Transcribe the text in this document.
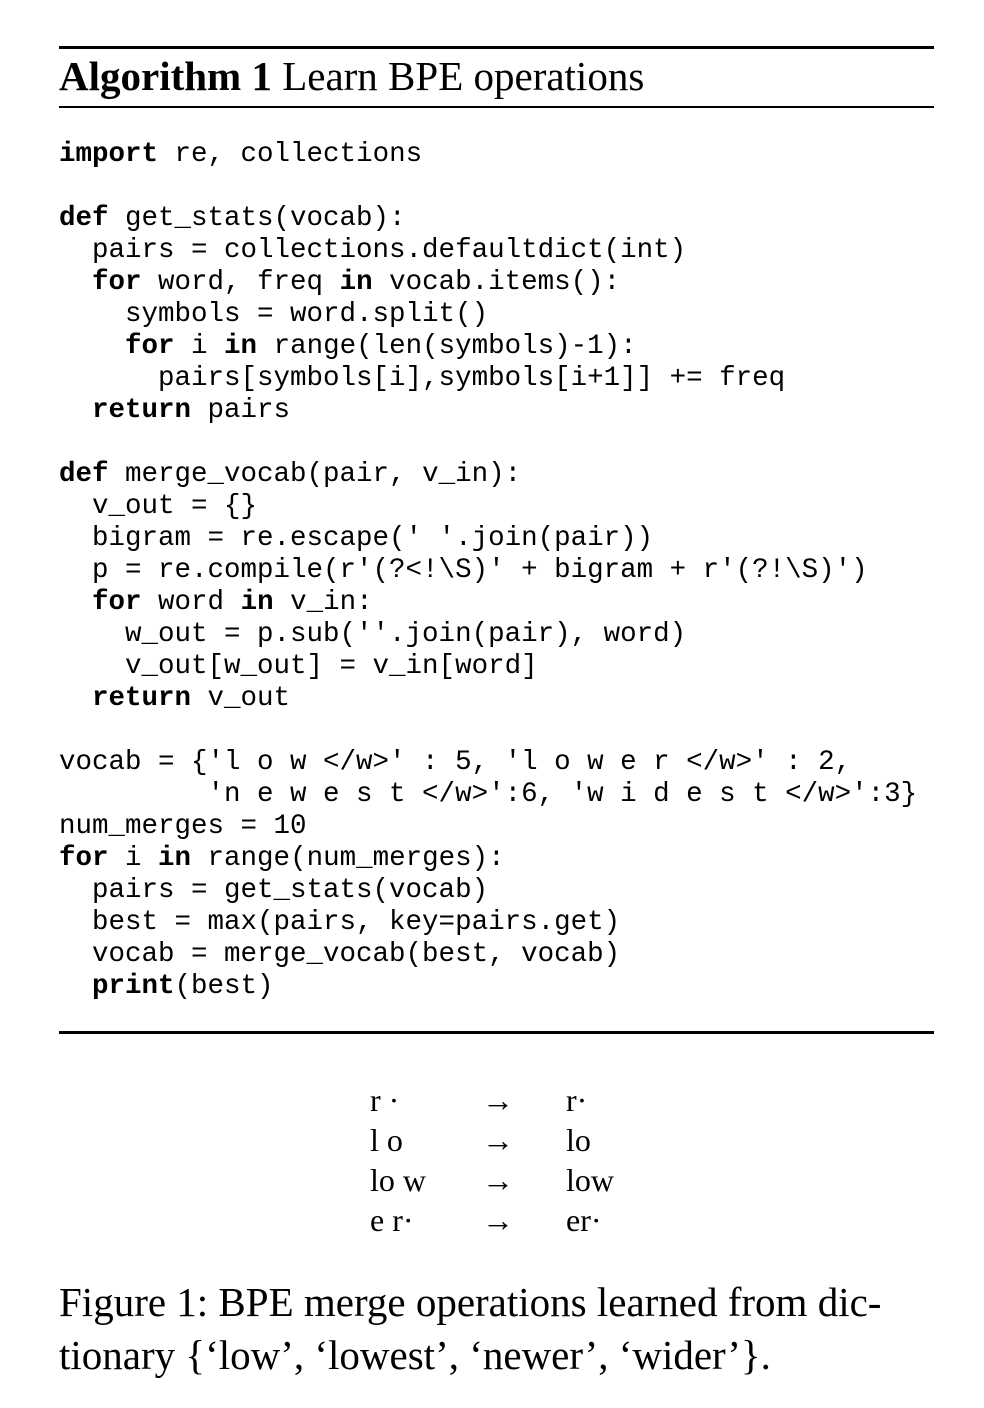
Algorithm 1 Learn BPE operations
import re, collections
def get_stats(vocab):
pairs = collections.defaultdict(int)
for word, freq in vocab.items():
symbols = word.split()
for i in range(len(symbols)-1):
pairs[symbols[i],symbols[i+1]] += freq
return pairs
def merge_vocab(pair, v_in):
v_out = {}
bigram = re.escape(' '.join(pair))
p = re.compile(r'(?<!\S)' + bigram + r'(?!\S)')
for word in v_in:
w_out = p.sub(''.join(pair), word)
v_out[w_out] = v_in[word]
return v_out
vocab = {'l o w </w>' : 5, 'l o w e r </w>' : 2,
'n e w e s t </w>':6, 'w i d e s t </w>':3}
num_merges = 10
for i in range(num_merges):
pairs = get_stats(vocab)
best = max(pairs, key=pairs.get)
vocab = merge_vocab(best, vocab)
print(best)
r ·	→ r·
l o → lo
lo w → low
e r· → er·
Figure 1: BPE merge operations learned from dic-
tionary {‘low’, ‘lowest’, ‘newer’, ‘wider’}.
